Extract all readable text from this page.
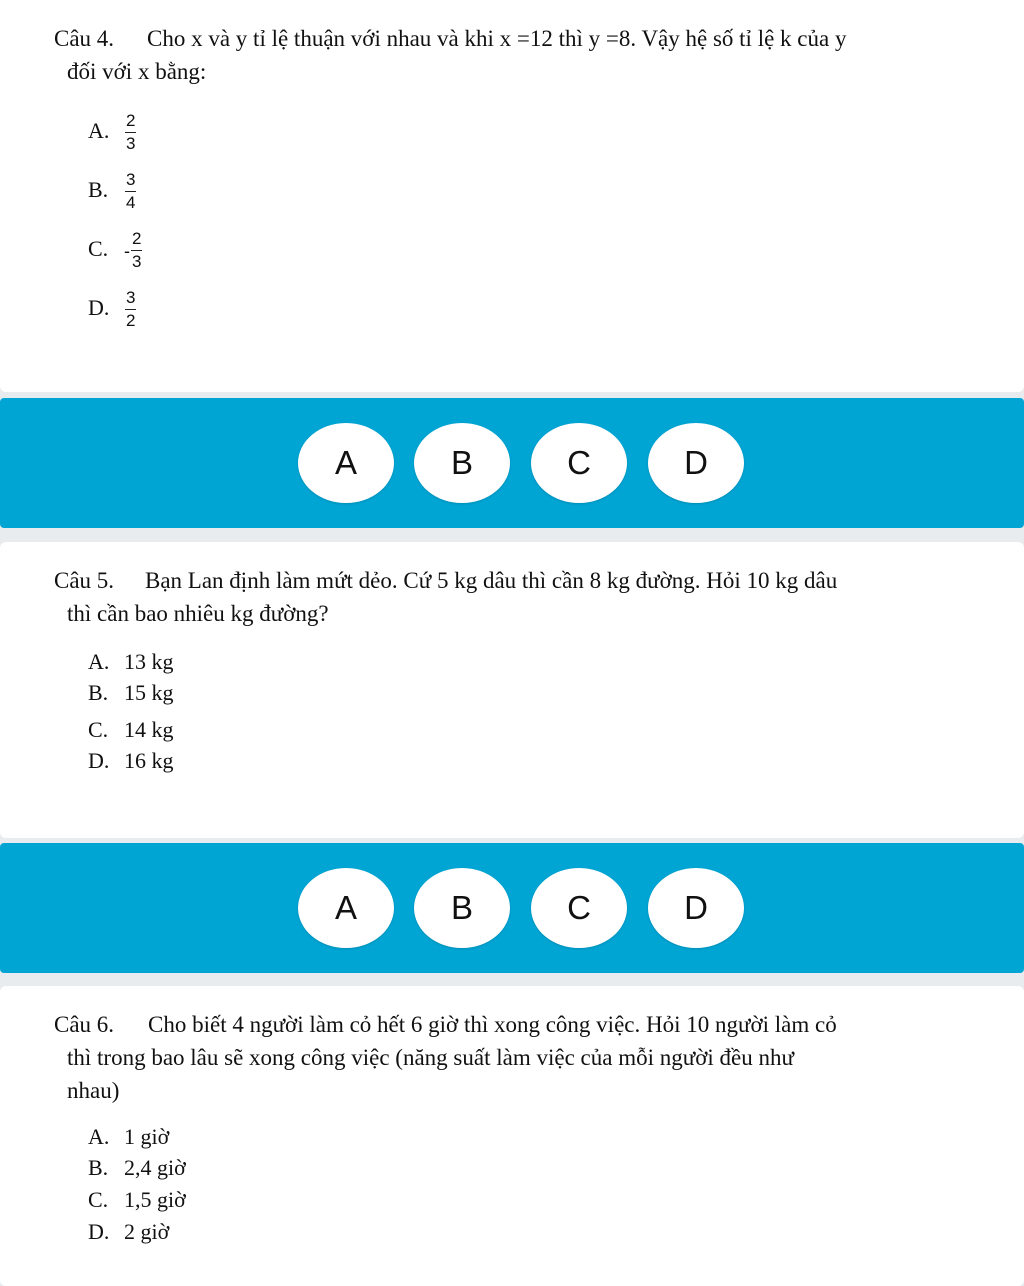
Câu 4. Cho x và y tỉ lệ thuận với nhau và khi x =12 thì y =8. Vậy hệ số tỉ lệ k của y
đối với x bằng:
A. $\frac{2}{3}$
B. $\frac{3}{4}$
C. - $\frac{2}{3}$
D. $\frac{3}{2}$
A	B	C	D
Câu 5. Bạn Lan định làm mứt dẻo. Cứ 5 kg dâu thì cần 8 kg đường. Hỏi 10 kg dâu
thì cần bao nhiêu kg đường?
A. 13 kg
B. 15 kg
C. 14 kg
D. 16 kg
A	B	C	D
Câu 6. Cho biết 4 người làm cỏ hết 6 giờ thì xong công việc. Hỏi 10 người làm cỏ
thì trong bao lâu sẽ xong công việc (năng suất làm việc của mỗi người đều như
nhau)
A. 1 giờ
B. 2,4 giờ
C. 1,5 giờ
D. 2 giờ
